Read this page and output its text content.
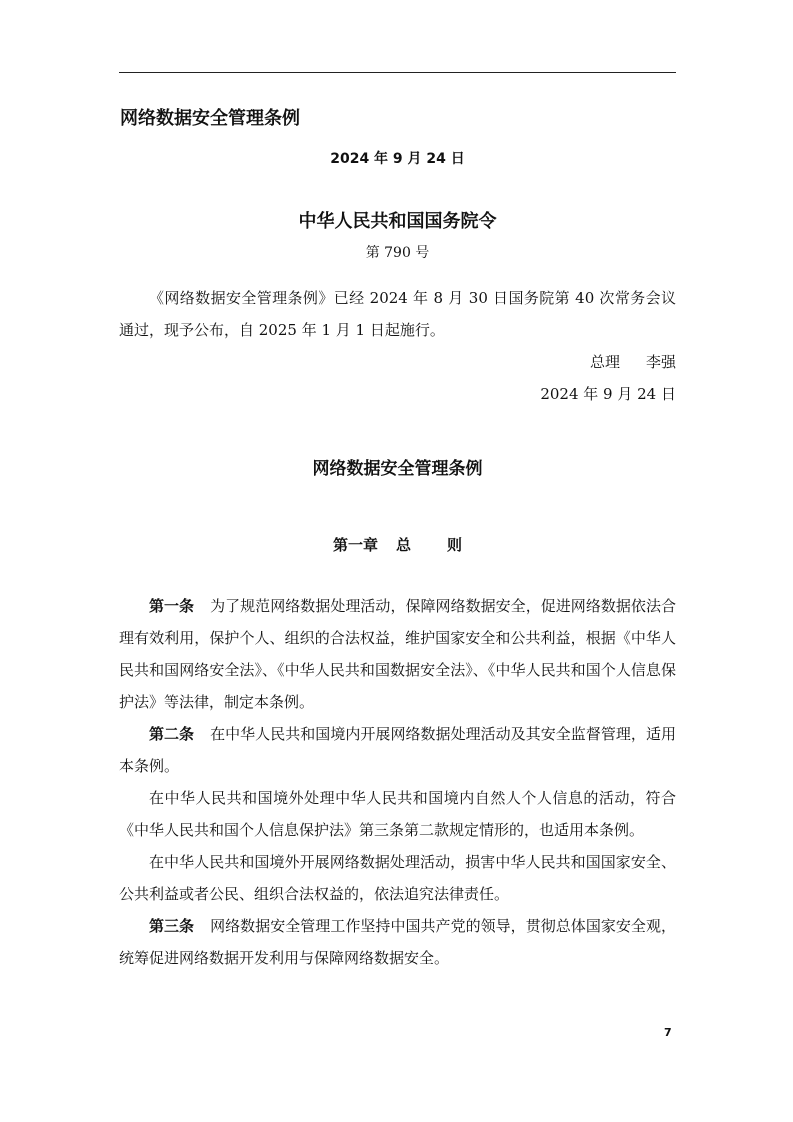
网络数据安全管理条例
2024 年 9 月 24 日
中华人民共和国国务院令
第 790 号

《网络数据安全管理条例》已经 2024 年 8 月 30 日国务院第 40 次常务会议通过，现予公布，自 2025 年 1 月 1 日起施行。

总理 李强

2024 年 9 月 24 日

网络数据安全管理条例
第一章 总 则

第一条 为了规范网络数据处理活动，保障网络数据安全，促进网络数据依法合理有效利用，保护个人、组织的合法权益，维护国家安全和公共利益，根据《中华人民共和国网络安全法》、《中华人民共和国数据安全法》、《中华人民共和国个人信息保护法》等法律，制定本条例。

第二条 在中华人民共和国境内开展网络数据处理活动及其安全监督管理，适用本条例。

在中华人民共和国境外处理中华人民共和国境内自然人个人信息的活动，符合《中华人民共和国个人信息保护法》第三条第二款规定情形的，也适用本条例。

在中华人民共和国境外开展网络数据处理活动，损害中华人民共和国国家安全、公共利益或者公民、组织合法权益的，依法追究法律责任。

第三条 网络数据安全管理工作坚持中国共产党的领导，贯彻总体国家安全观，统筹促进网络数据开发利用与保障网络数据安全。

7
